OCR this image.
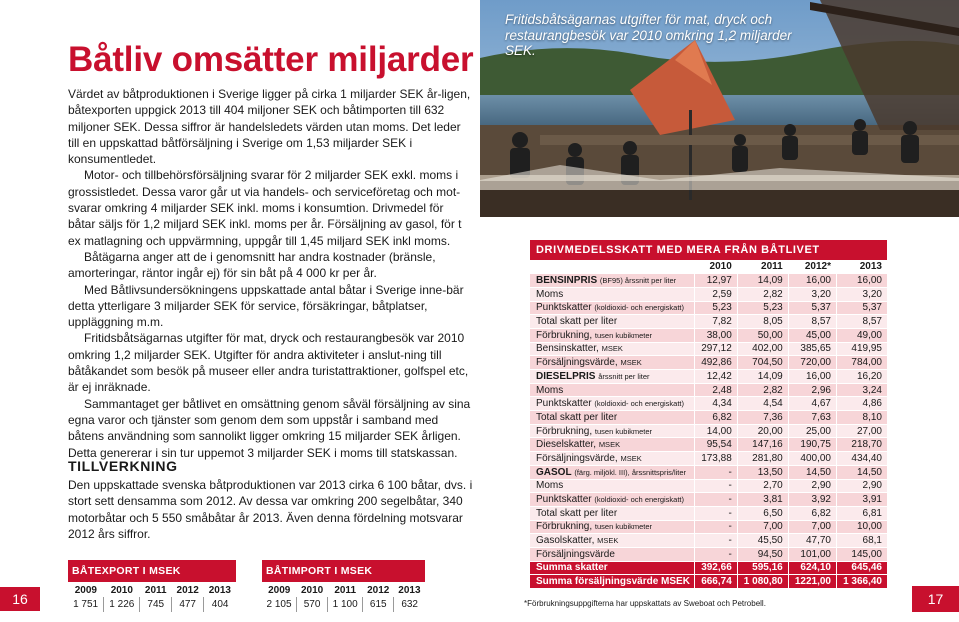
Båtliv omsätter miljarder

Värdet av båtproduktionen i Sverige ligger på cirka 1 miljarder SEK år-ligen, båtexporten uppgick 2013 till 404 miljoner SEK och båtimporten till 632 miljoner SEK. Dessa siffror är handelsledets värden utan moms. Det leder till en uppskattad båtförsäljning i Sverige om 1,53 miljarder SEK i konsumentledet.

Motor- och tillbehörsförsäljning svarar för 2 miljarder SEK exkl. moms i grossistledet. Dessa varor går ut via handels- och serviceföretag och mot-svarar omkring 4 miljarder SEK inkl. moms i konsumtion. Drivmedel för båtar säljs för 1,2 miljard SEK inkl. moms per år. Försäljning av gasol, för t ex matlagning och uppvärmning, uppgår till 1,45 miljard SEK inkl moms.

Båtägarna anger att de i genomsnitt har andra kostnader (bränsle, amorteringar, räntor ingår ej) för sin båt på 4 000 kr per år.

Med Båtlivsundersökningens uppskattade antal båtar i Sverige inne-bär detta ytterligare 3 miljarder SEK för service, försäkringar, båtplatser, uppläggning m.m.

Fritidsbåtsägarnas utgifter för mat, dryck och restaurangbesök var 2010 omkring 1,2 miljarder SEK. Utgifter för andra aktiviteter i anslut-ning till båtåkandet som besök på museer eller andra turistattraktioner, golfspel etc, är ej inräknade.

Sammantaget ger båtlivet en omsättning genom såväl försäljning av sina egna varor och tjänster som genom dem som uppstår i samband med båtens användning som sannolikt ligger omkring 15 miljarder SEK årligen. Detta genererar i sin tur uppemot 3 miljarder SEK i moms till statskassan.

TILLVERKNING

Den uppskattade svenska båtproduktionen var 2013 cirka 6 100 båtar, dvs. i stort sett densamma som 2012. Av dessa var omkring 200 segelbåtar, 340 motorbåtar och 5 550 småbåtar år 2013. Även denna fördelning motsvarar 2012 års siffror.

BÅTEXPORT I MSEK				
2009	2010	2011	2012	2013
1 751	1 226	745	477	404
BÅTIMPORT I MSEK				
2009	2010	2011	2012	2013
2 105	570	1 100	615	632
16	17
Fritidsbåtsägarnas utgifter för mat, dryck och restaurangbesök var 2010 omkring 1,2 miljarder SEK.
DRIVMEDELSSKATT MED MERA FRÅN BÅTLIVET				
	2010	2011	2012*	2013
BENSINPRIS (BF95) årssnitt per liter	12,97	14,09	16,00	16,00
Moms	2,59	2,82	3,20	3,20
Punktskatter (koldioxid- och energiskatt)	5,23	5,23	5,37	5,37
Total skatt per liter	7,82	8,05	8,57	8,57
Förbrukning, tusen kubikmeter	38,00	50,00	45,00	49,00
Bensinskatter, MSEK	297,12	402,00	385,65	419,95
Försäljningsvärde, MSEK	492,86	704,50	720,00	784,00
DIESELPRIS årssnitt per liter	12,42	14,09	16,00	16,20
Moms	2,48	2,82	2,96	3,24
Punktskatter (koldioxid- och energiskatt)	4,34	4,54	4,67	4,86
Total skatt per liter	6,82	7,36	7,63	8,10
Förbrukning, tusen kubikmeter	14,00	20,00	25,00	27,00
Dieselskatter, MSEK	95,54	147,16	190,75	218,70
Försäljningsvärde, MSEK	173,88	281,80	400,00	434,40
GASOL (färg. miljökl. III), årssnittspris/liter	-	13,50	14,50	14,50
Moms	-	2,70	2,90	2,90
Punktskatter (koldioxid- och energiskatt)	-	3,81	3,92	3,91
Total skatt per liter	-	6,50	6,82	6,81
Förbrukning, tusen kubikmeter	-	7,00	7,00	10,00
Gasolskatter, MSEK	-	45,50	47,70	68,1
Försäljningsvärde	-	94,50	101,00	145,00
Summa skatter	392,66	595,16	624,10	645,46
Summa försäljningsvärde MSEK	666,74	1 080,80	1221,00	1 366,40
*Förbrukningsuppgifterna har uppskattats av Sweboat och Petrobell.
